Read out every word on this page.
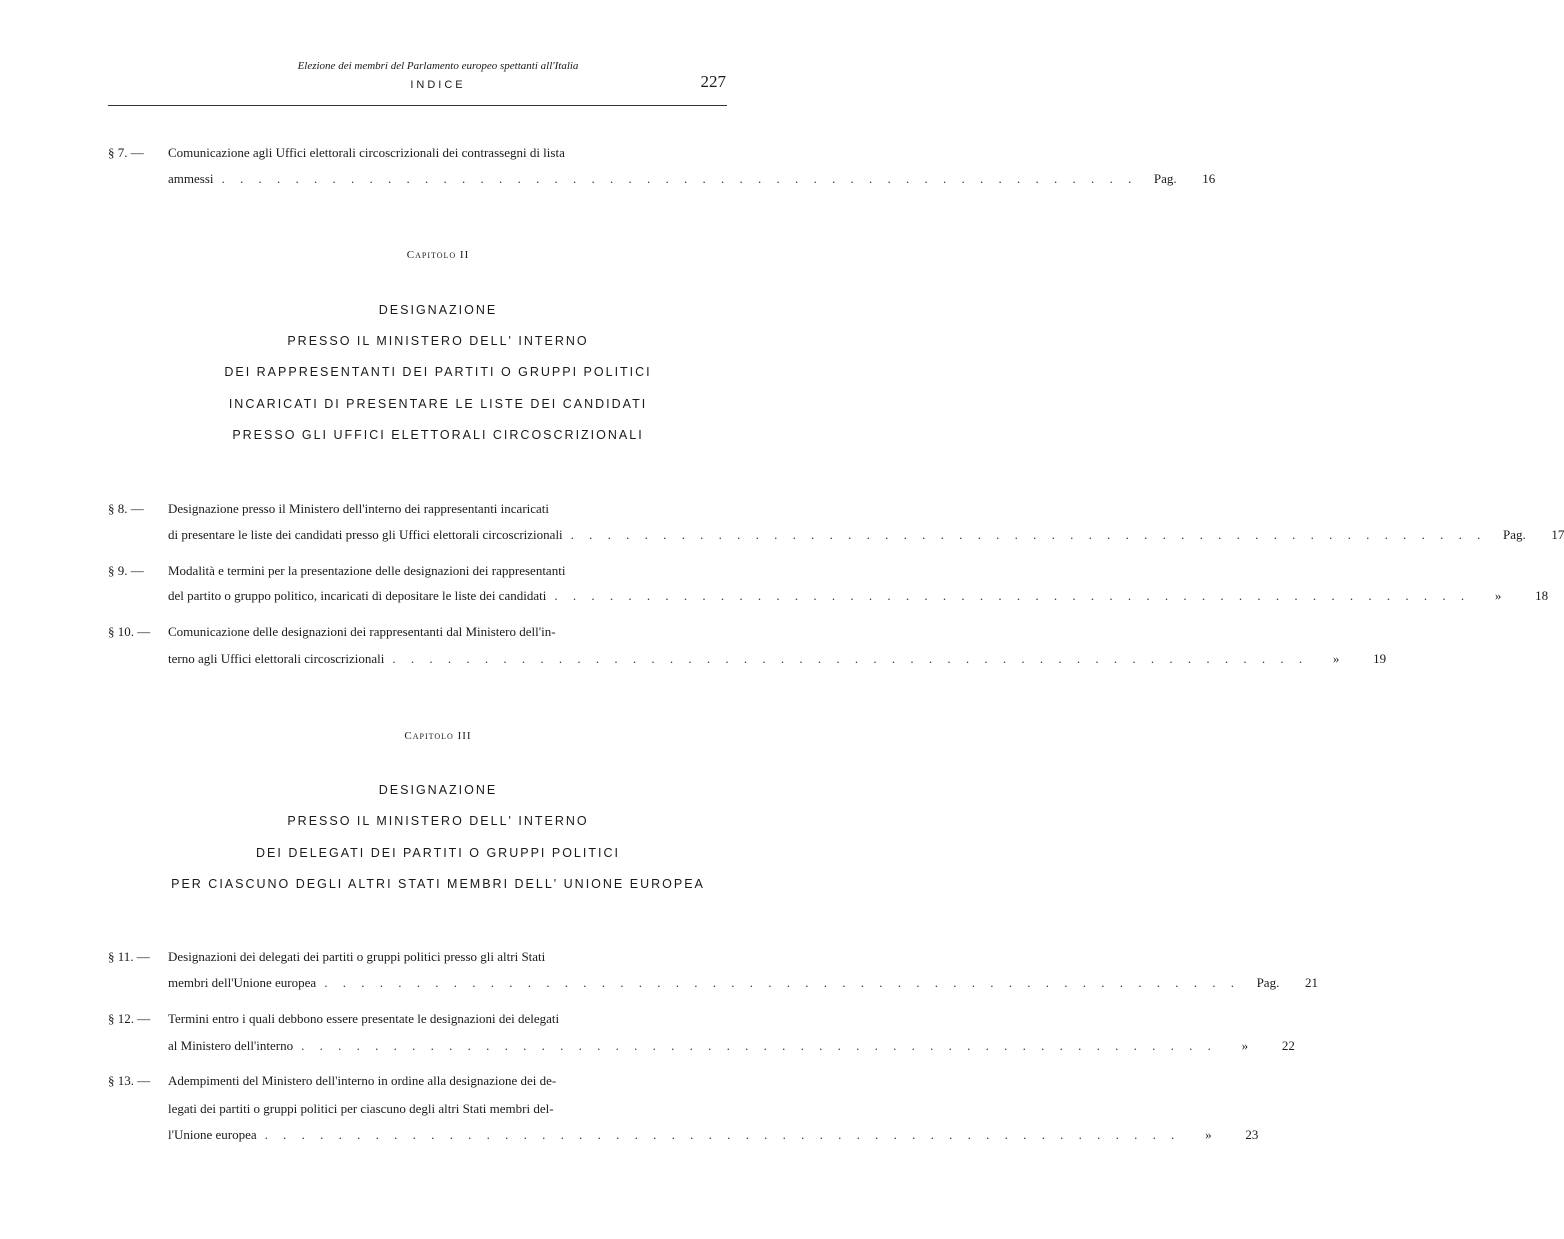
Elezione dei membri del Parlamento europeo spettanti all'Italia
INDICE	227
§ 7. —	Comunicazione agli Uffici elettorali circoscrizionali dei contrassegni di lista
ammessi . . . . . . . . . . . . . . . . . . . . . . . . . . . . . . . . . . . . . . . . . . . . . . . . . .	Pag.	16
Capitolo II
DESIGNAZIONE
PRESSO IL MINISTERO DELL' INTERNO
DEI RAPPRESENTANTI DEI PARTITI O GRUPPI POLITICI
INCARICATI DI PRESENTARE LE LISTE DEI CANDIDATI
PRESSO GLI UFFICI ELETTORALI CIRCOSCRIZIONALI
§ 8. —	Designazione presso il Ministero dell'interno dei rappresentanti incaricati
di presentare le liste dei candidati presso gli Uffici elettorali circoscrizionali . . . . . . . . . . . . . . . . . . . . . . . . . . . . . . . . . . . . . . . . . . . . . . . . . .	Pag.	17
§ 9. —	Modalità e termini per la presentazione delle designazioni dei rappresentanti
del partito o gruppo politico, incaricati di depositare le liste dei candidati . . . . . . . . . . . . . . . . . . . . . . . . . . . . . . . . . . . . . . . . . . . . . . . . . .	»	18
§ 10. —	Comunicazione delle designazioni dei rappresentanti dal Ministero dell'in-
terno agli Uffici elettorali circoscrizionali . . . . . . . . . . . . . . . . . . . . . . . . . . . . . . . . . . . . . . . . . . . . . . . . . .	»	19
Capitolo III
DESIGNAZIONE
PRESSO IL MINISTERO DELL' INTERNO
DEI DELEGATI DEI PARTITI O GRUPPI POLITICI
PER CIASCUNO DEGLI ALTRI STATI MEMBRI DELL' UNIONE EUROPEA
§ 11. —	Designazioni dei delegati dei partiti o gruppi politici presso gli altri Stati
membri dell'Unione europea . . . . . . . . . . . . . . . . . . . . . . . . . . . . . . . . . . . . . . . . . . . . . . . . . .	Pag.	21
§ 12. —	Termini entro i quali debbono essere presentate le designazioni dei delegati
al Ministero dell'interno . . . . . . . . . . . . . . . . . . . . . . . . . . . . . . . . . . . . . . . . . . . . . . . . . .	»	22
§ 13. —	Adempimenti del Ministero dell'interno in ordine alla designazione dei de-
legati dei partiti o gruppi politici per ciascuno degli altri Stati membri del-
l'Unione europea . . . . . . . . . . . . . . . . . . . . . . . . . . . . . . . . . . . . . . . . . . . . . . . . . .	»	23
